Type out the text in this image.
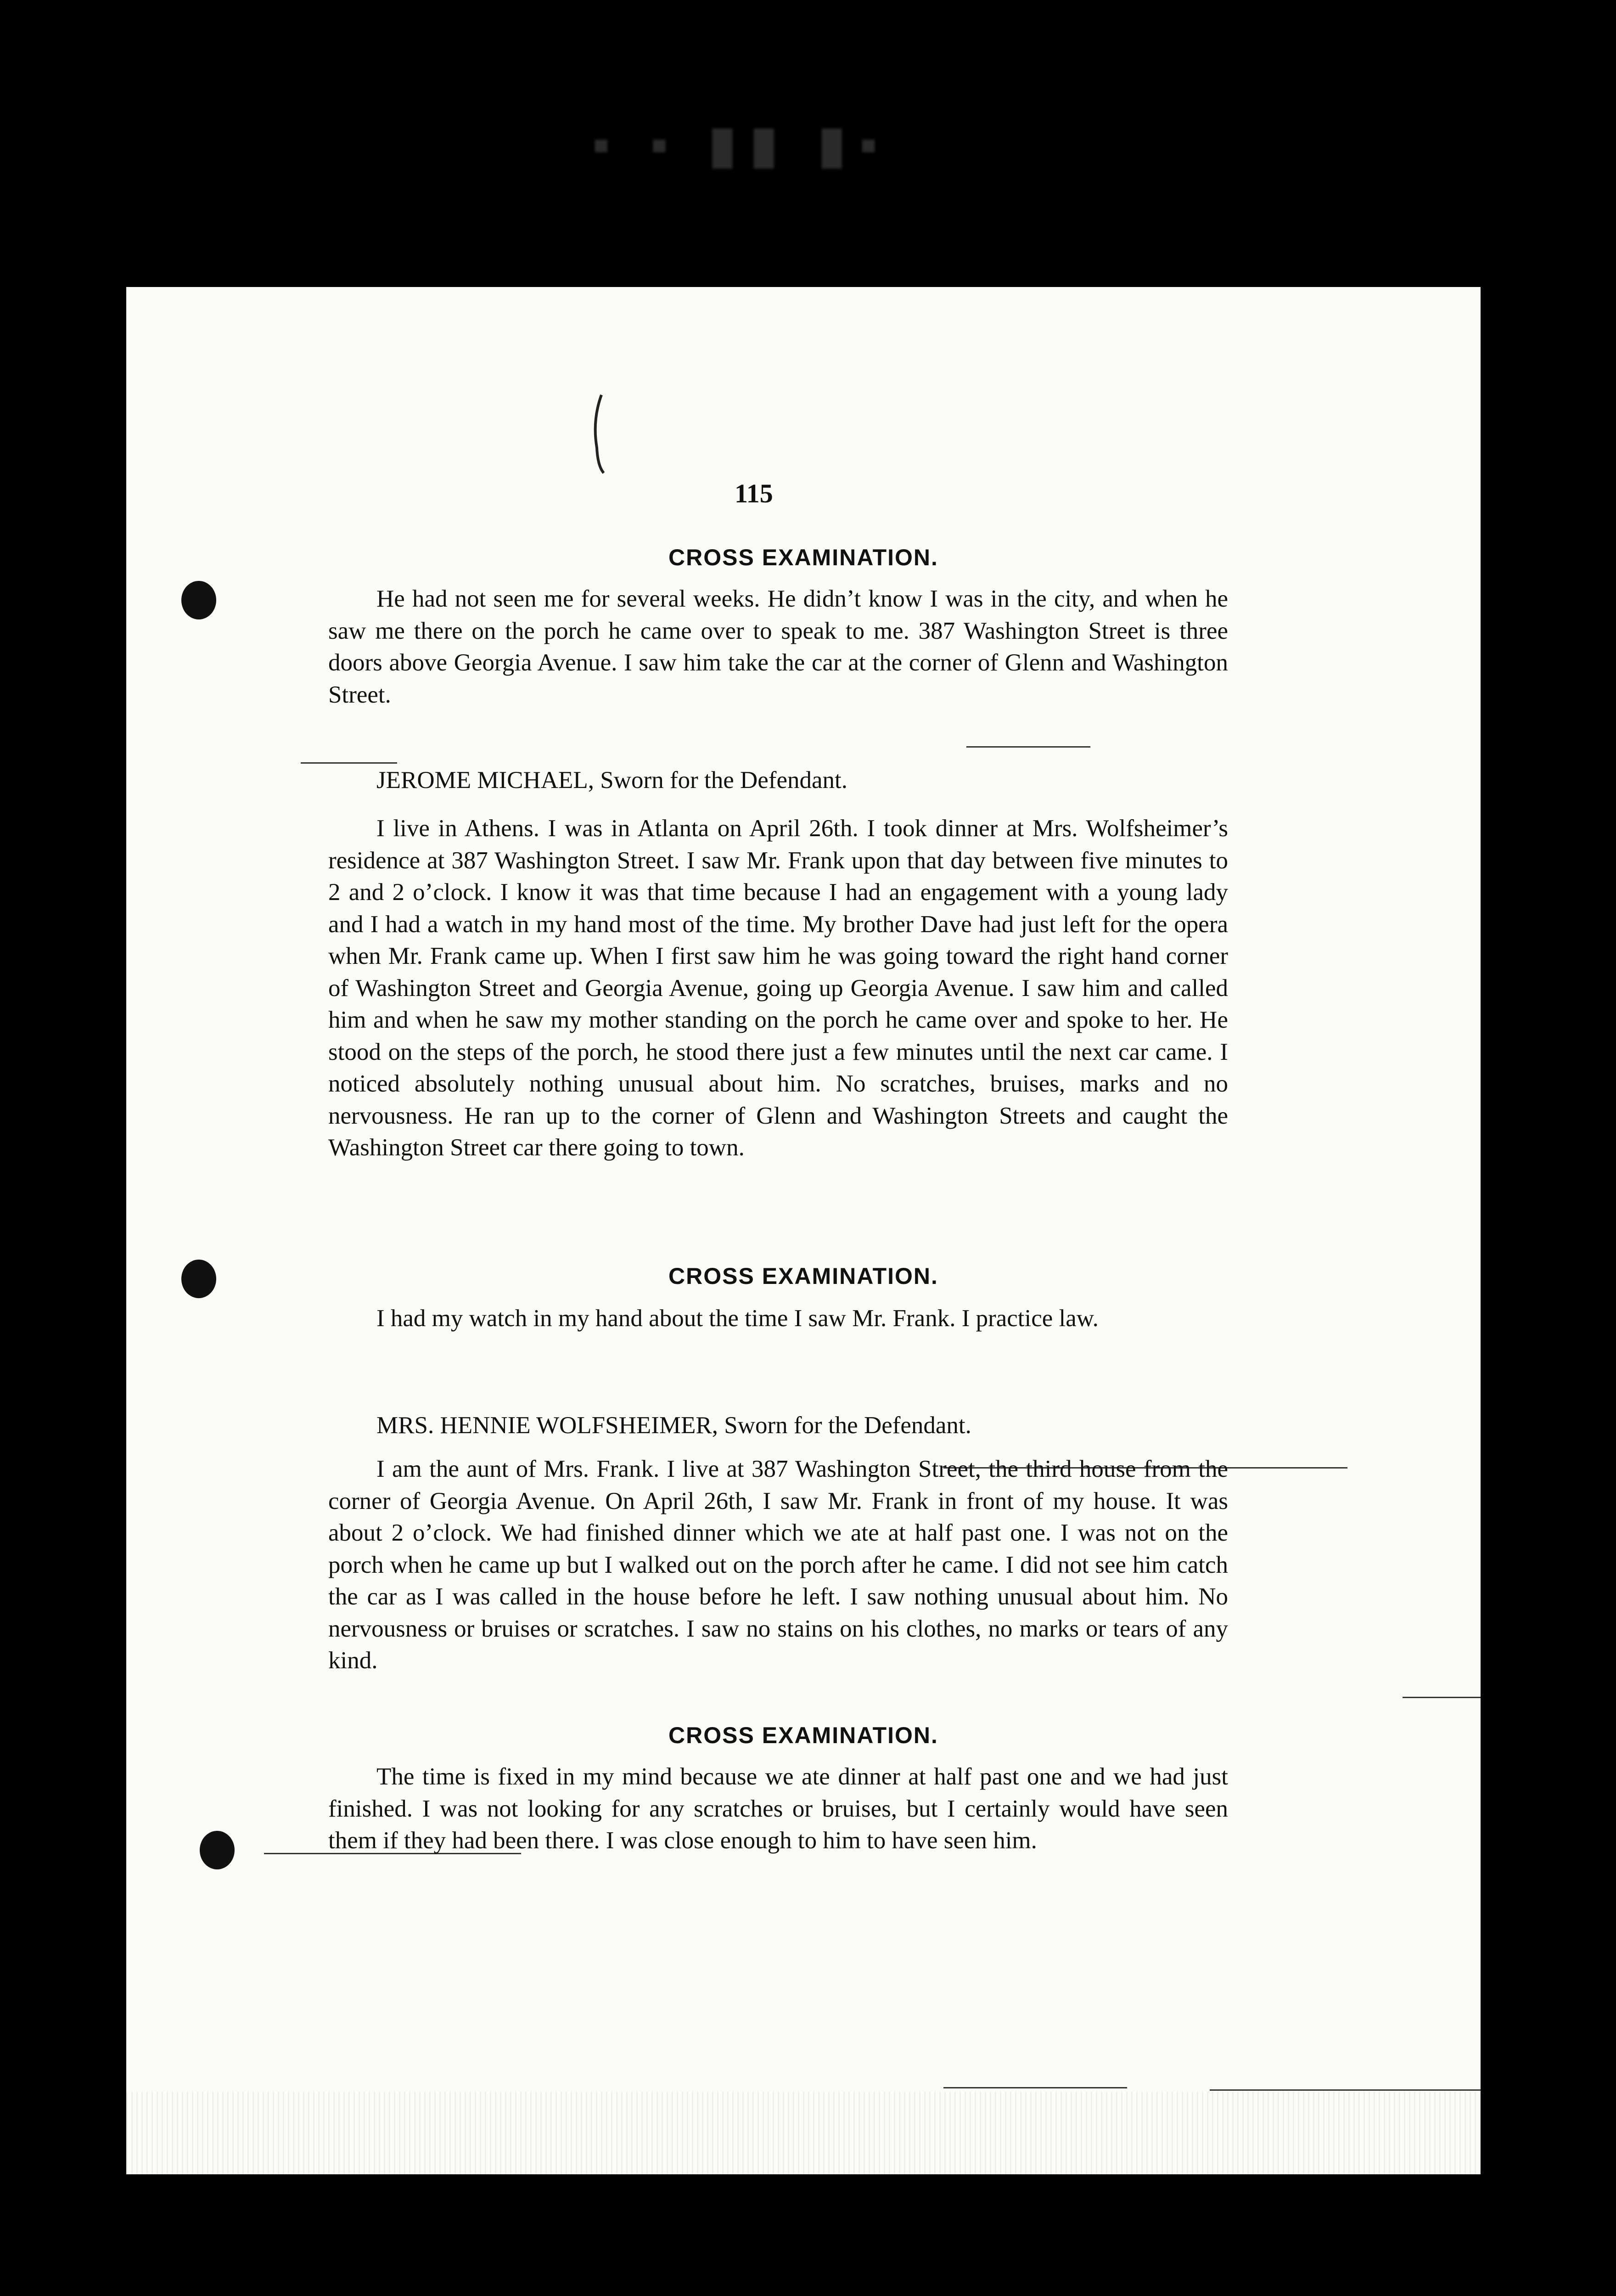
▪ ▪ ▮▮ ▮▪
115
CROSS EXAMINATION.
He had not seen me for several weeks. He didn’t know I was in the city, and when he saw me there on the porch he came over to speak to me. 387 Washington Street is three doors above Georgia Avenue. I saw him take the car at the corner of Glenn and Washington Street.
JEROME MICHAEL, Sworn for the Defendant.
I live in Athens. I was in Atlanta on April 26th. I took dinner at Mrs. Wolfsheimer’s residence at 387 Washington Street. I saw Mr. Frank upon that day between five minutes to 2 and 2 o’clock. I know it was that time because I had an engagement with a young lady and I had a watch in my hand most of the time. My brother Dave had just left for the opera when Mr. Frank came up. When I first saw him he was going toward the right hand corner of Washington Street and Georgia Avenue, going up Georgia Avenue. I saw him and called him and when he saw my mother standing on the porch he came over and spoke to her. He stood on the steps of the porch, he stood there just a few minutes until the next car came. I noticed absolutely nothing unusual about him. No scratches, bruises, marks and no nervousness. He ran up to the corner of Glenn and Washington Streets and caught the Washington Street car there going to town.
CROSS EXAMINATION.
I had my watch in my hand about the time I saw Mr. Frank. I practice law.
MRS. HENNIE WOLFSHEIMER, Sworn for the Defendant.
I am the aunt of Mrs. Frank. I live at 387 Washington Street, the third house from the corner of Georgia Avenue. On April 26th, I saw Mr. Frank in front of my house. It was about 2 o’clock. We had finished dinner which we ate at half past one. I was not on the porch when he came up but I walked out on the porch after he came. I did not see him catch the car as I was called in the house before he left. I saw nothing unusual about him. No nervousness or bruises or scratches. I saw no stains on his clothes, no marks or tears of any kind.
CROSS EXAMINATION.
The time is fixed in my mind because we ate dinner at half past one and we had just finished. I was not looking for any scratches or bruises, but I certainly would have seen them if they had been there. I was close enough to him to have seen him.
